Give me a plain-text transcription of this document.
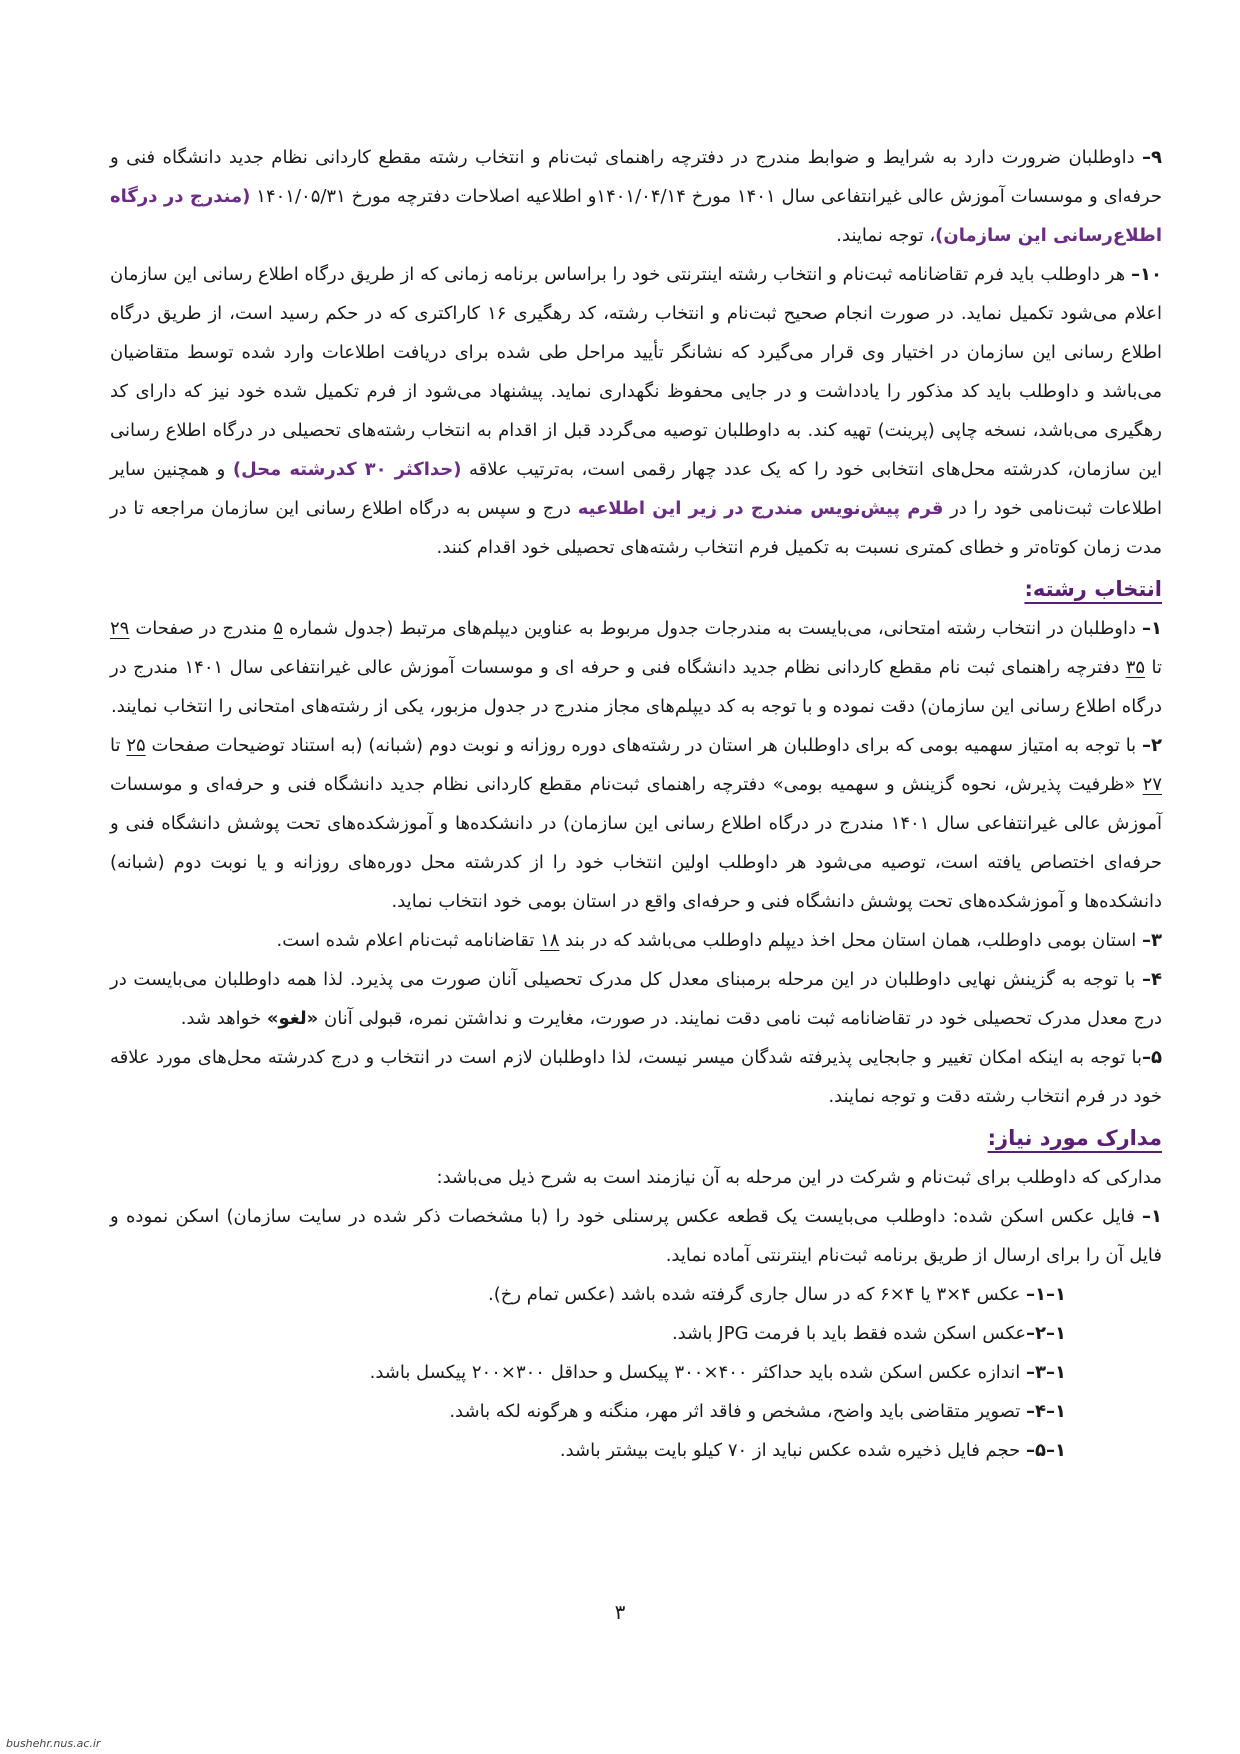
۹– داوطلبان ضرورت دارد به شرایط و ضوابط مندرج در دفترچه راهنمای ثبت‌نام و انتخاب رشته مقطع کاردانی نظام جدید دانشگاه فنی و حرفه‌ای و موسسات آموزش عالی غیرانتفاعی سال ۱۴۰۱ مورخ ۱۴۰۱/۰۴/۱۴و اطلاعیه اصلاحات دفترچه مورخ ۱۴۰۱/۰۵/۳۱ (مندرج در درگاه اطلاع‌رسانی این سازمان)، توجه نمایند.

۱۰– هر داوطلب باید فرم تقاضانامه ثبت‌نام و انتخاب رشته اینترنتی خود را براساس برنامه زمانی که از طریق درگاه اطلاع رسانی این سازمان اعلام می‌شود تکمیل نماید. در صورت انجام صحیح ثبت‌نام و انتخاب رشته، کد رهگیری ۱۶ کاراکتری که در حکم رسید است، از طریق درگاه اطلاع رسانی این سازمان در اختیار وی قرار می‌گیرد که نشانگر تأیید مراحل طی شده برای دریافت اطلاعات وارد شده توسط متقاضیان می‌باشد و داوطلب باید کد مذکور را یادداشت و در جایی محفوظ نگهداری نماید. پیشنهاد می‌شود از فرم تکمیل شده خود نیز که دارای کد رهگیری می‌باشد، نسخه چاپی (پرینت) تهیه کند. به داوطلبان توصیه می‌گردد قبل از اقدام به انتخاب رشته‌های تحصیلی در درگاه اطلاع رسانی این سازمان، کدرشته محل‌های انتخابی خود را که یک عدد چهار رقمی است، به‌ترتیب علاقه (حداکثر ۳۰ کدرشته محل) و همچنین سایر اطلاعات ثبت‌نامی خود را در قرم پیش‌نویس مندرج در زیر این اطلاعیه درج و سپس به درگاه اطلاع رسانی این سازمان مراجعه تا در مدت زمان کوتاه‌تر و خطای کمتری نسبت به تکمیل فرم انتخاب رشته‌های تحصیلی خود اقدام کنند.

انتخاب رشته:

۱– داوطلبان در انتخاب رشته امتحانی، می‌بایست به مندرجات جدول مربوط به عناوین دیپلم‌های مرتبط (جدول شماره ۵ مندرج در صفحات ۲۹ تا ۳۵ دفترچه راهنمای ثبت نام مقطع کاردانی نظام جدید دانشگاه فنی و حرفه ای و موسسات آموزش عالی غیرانتفاعی سال ۱۴۰۱ مندرج در درگاه اطلاع رسانی این سازمان) دقت نموده و با توجه به کد دیپلم‌های مجاز مندرج در جدول مزبور، یکی از رشته‌های امتحانی را انتخاب نمایند.

۲– با توجه به امتیاز سهمیه بومی که برای داوطلبان هر استان در رشته‌های دوره روزانه و نوبت دوم (شبانه) (به استناد توضیحات صفحات ۲۵ تا ۲۷ «ظرفیت پذیرش، نحوه گزینش و سهمیه بومی» دفترچه راهنمای ثبت‌نام مقطع کاردانی نظام جدید دانشگاه فنی و حرفه‌ای و موسسات آموزش عالی غیرانتفاعی سال ۱۴۰۱ مندرج در درگاه اطلاع رسانی این سازمان) در دانشکده‌ها و آموزشکده‌های تحت پوشش دانشگاه فنی و حرفه‌ای اختصاص یافته است، توصیه می‌شود هر داوطلب اولین انتخاب خود را از کدرشته محل دوره‌های روزانه و یا نوبت دوم (شبانه) دانشکده‌ها و آموزشکده‌های تحت پوشش دانشگاه فنی و حرفه‌ای واقع در استان بومی خود انتخاب نماید.

۳– استان بومی داوطلب، همان استان محل اخذ دیپلم داوطلب می‌باشد که در بند ۱۸ تقاضانامه ثبت‌نام اعلام شده است.

۴– با توجه به گزینش نهایی داوطلبان در این مرحله برمبنای معدل کل مدرک تحصیلی آنان صورت می پذیرد. لذا همه داوطلبان می‌بایست در درج معدل مدرک تحصیلی خود در تقاضانامه ثبت نامی دقت نمایند. در صورت، مغایرت و نداشتن نمره، قبولی آنان «لغو» خواهد شد.

۵–با توجه به اینکه امکان تغییر و جابجایی پذیرفته شدگان میسر نیست، لذا داوطلبان لازم است در انتخاب و درج کدرشته محل‌های مورد علاقه خود در فرم انتخاب رشته دقت و توجه نمایند.

مدارک مورد نیاز:

مدارکی که داوطلب برای ثبت‌نام و شرکت در این مرحله به آن نیازمند است به شرح ذیل می‌باشد:

۱– فایل عکس اسکن شده: داوطلب می‌بایست یک قطعه عکس پرسنلی خود را (با مشخصات ذکر شده در سایت سازمان) اسکن نموده و فایل آن را برای ارسال از طریق برنامه ثبت‌نام اینترنتی آماده نماید.

۱–۱– عکس ۴×۳ یا ۴×۶ که در سال جاری گرفته شده باشد (عکس تمام رخ).

۱–۲–عکس اسکن شده فقط باید با فرمت JPG باشد.

۱–۳– اندازه عکس اسکن شده باید حداکثر ۴۰۰×۳۰۰ پیکسل و حداقل ۳۰۰×۲۰۰ پیکسل باشد.

۱–۴– تصویر متقاضی باید واضح، مشخص و فاقد اثر مهر، منگنه و هرگونه لکه باشد.

۱–۵– حجم فایل ذخیره شده عکس نباید از ۷۰ کیلو بایت بیشتر باشد.

۳
bushehr.nus.ac.ir
